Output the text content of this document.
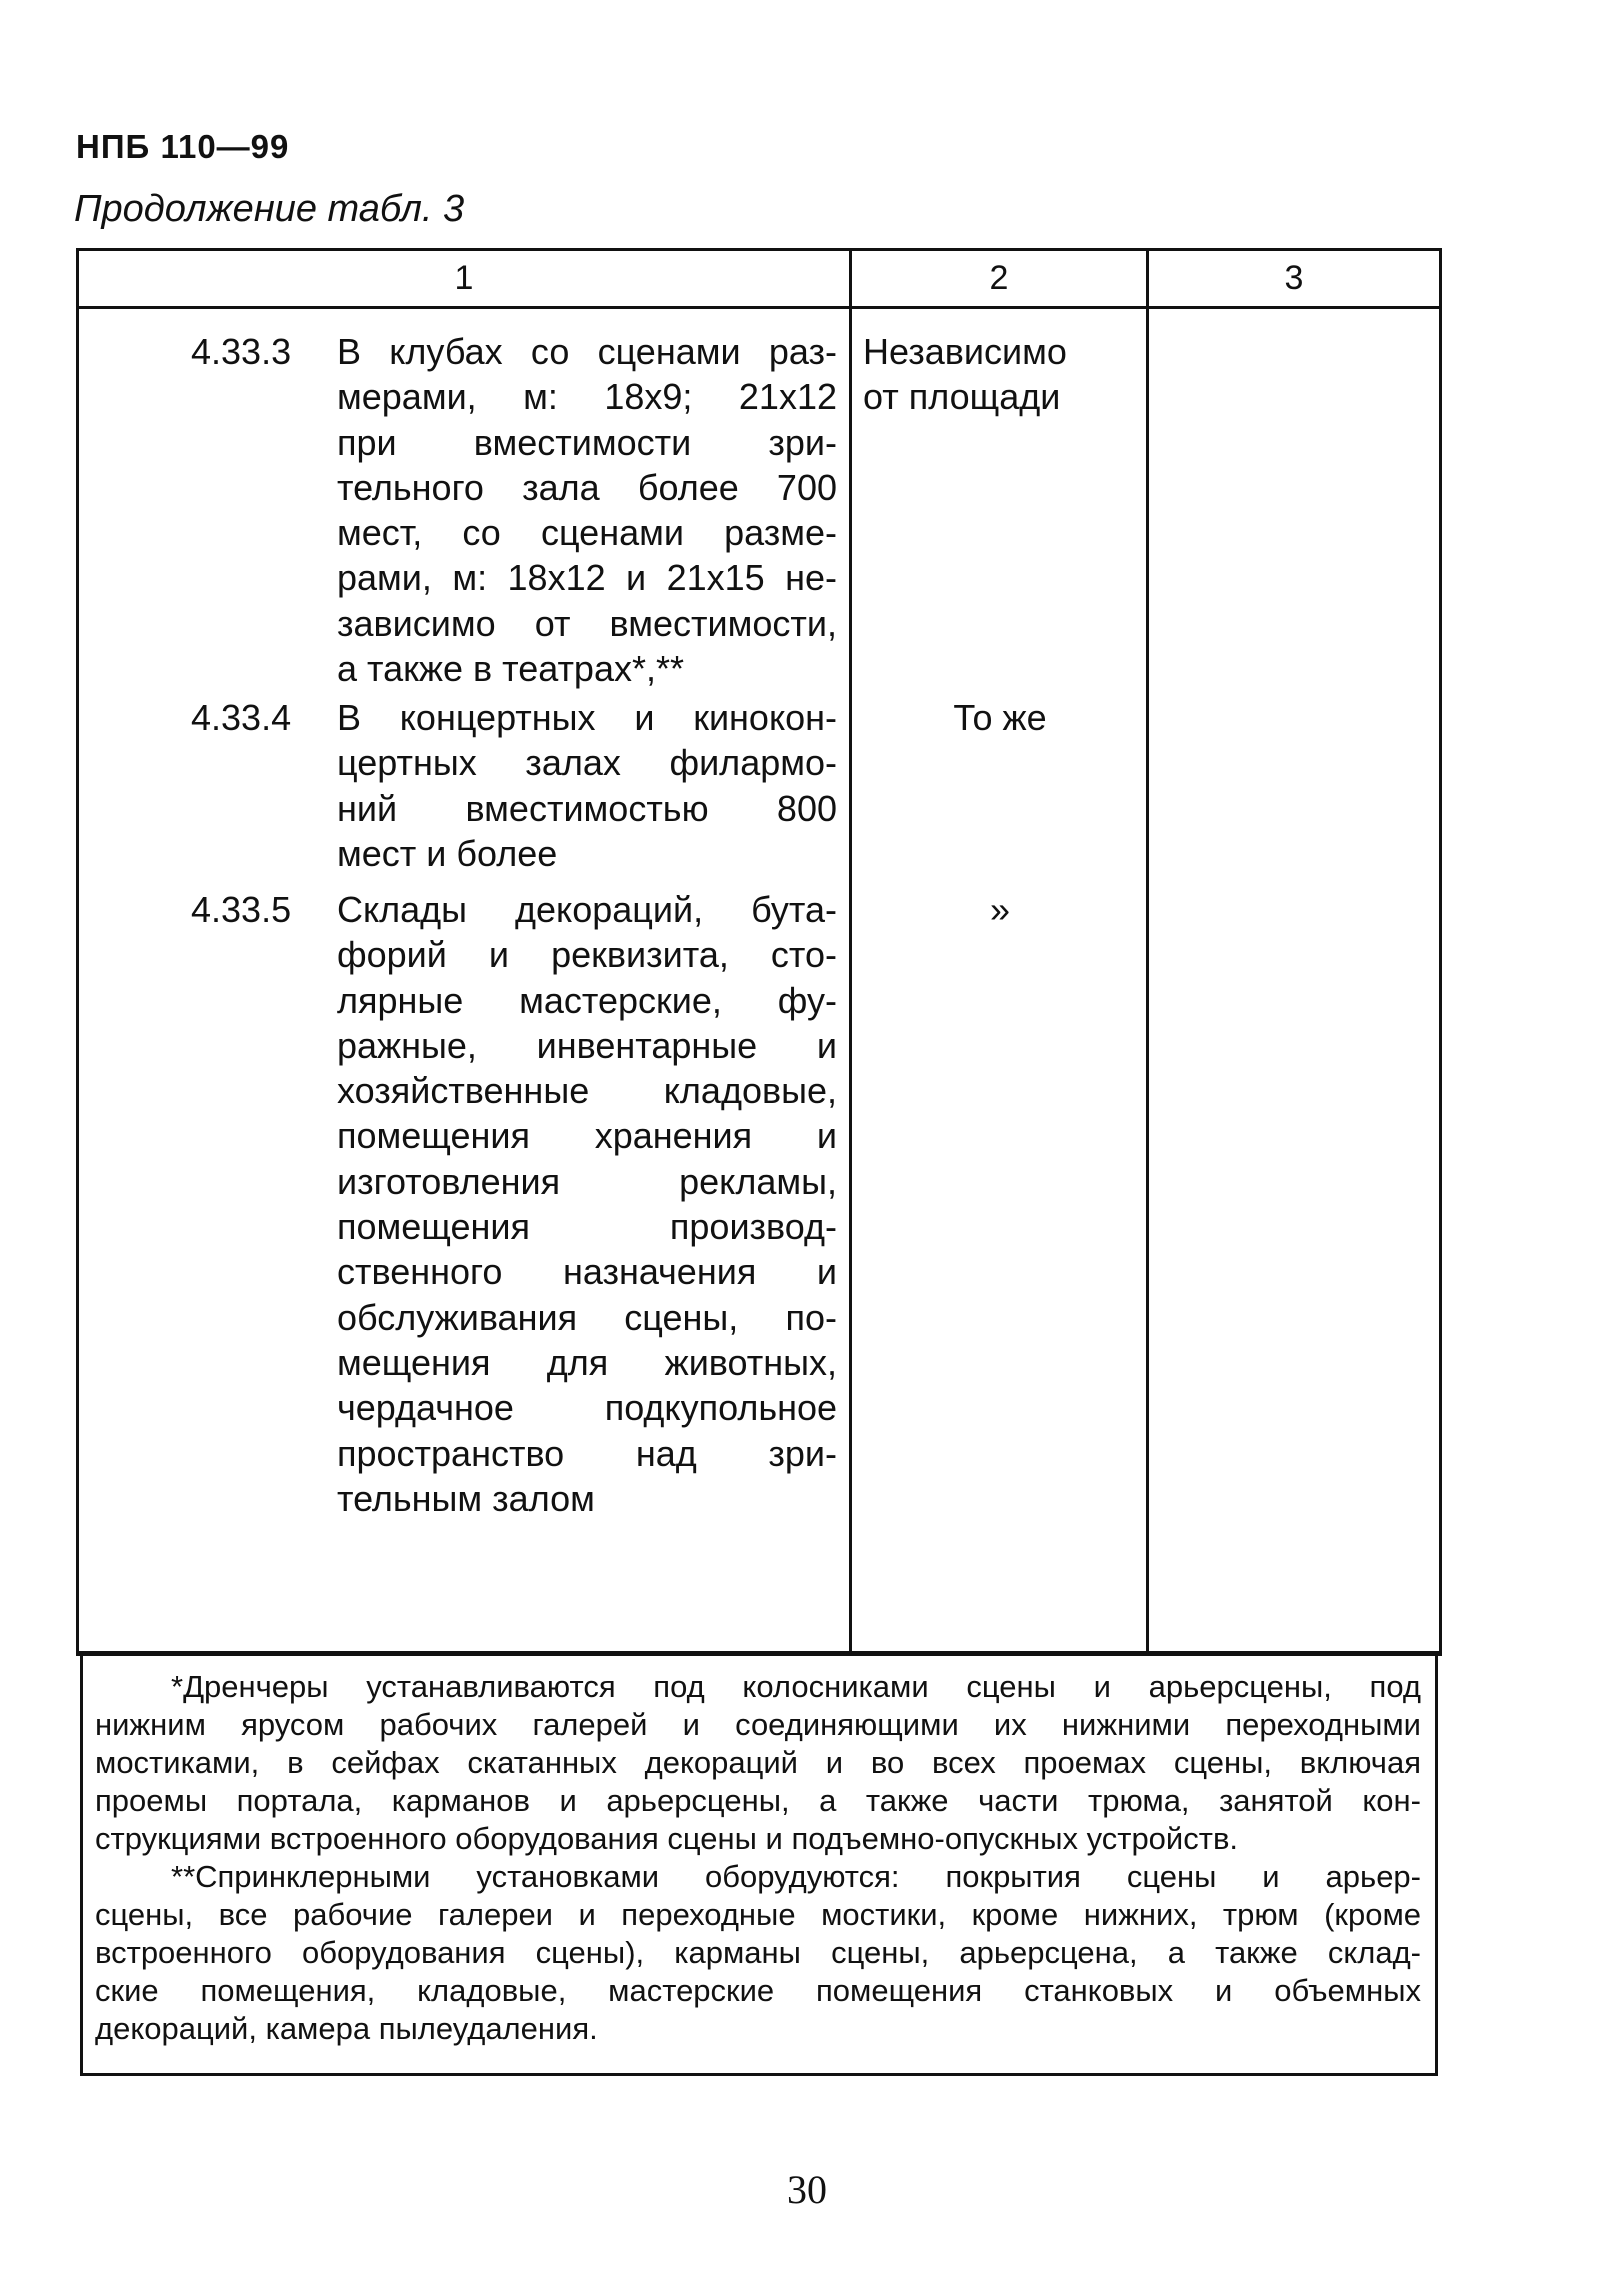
НПБ 110—99
Продолжение табл. 3
1	2	3
4.33.3 В клубах со сценами раз-
мерами, м: 18х9; 21х12
при вместимости зри-
тельного зала более 700
мест, со сценами разме-
рами, м: 18х12 и 21х15 не-
зависимо от вместимости,
а также в театрах*,**
Независимо
от площади
4.33.4 В концертных и кинокон-
цертных залах филармо-
ний вместимостью 800
мест и более
То же
4.33.5 Склады декораций, бута-
форий и реквизита, сто-
лярные мастерские, фу-
ражные, инвентарные и
хозяйственные кладовые,
помещения хранения и
изготовления рекламы,
помещения производ-
ственного назначения и
обслуживания сцены, по-
мещения для животных,
чердачное подкупольное
пространство над зри-
тельным залом
»
*Дренчеры устанавливаются под колосниками сцены и арьерсцены, под
нижним ярусом рабочих галерей и соединяющими их нижними переходными
мостиками, в сейфах скатанных декораций и во всех проемах сцены, включая
проемы портала, карманов и арьерсцены, а также части трюма, занятой кон-
струкциями встроенного оборудования сцены и подъемно-опускных устройств.
**Спринклерными установками оборудуются: покрытия сцены и арьер-
сцены, все рабочие галереи и переходные мостики, кроме нижних, трюм (кроме
встроенного оборудования сцены), карманы сцены, арьерсцена, а также склад-
ские помещения, кладовые, мастерские помещения станковых и объемных
декораций, камера пылеудаления.
30
